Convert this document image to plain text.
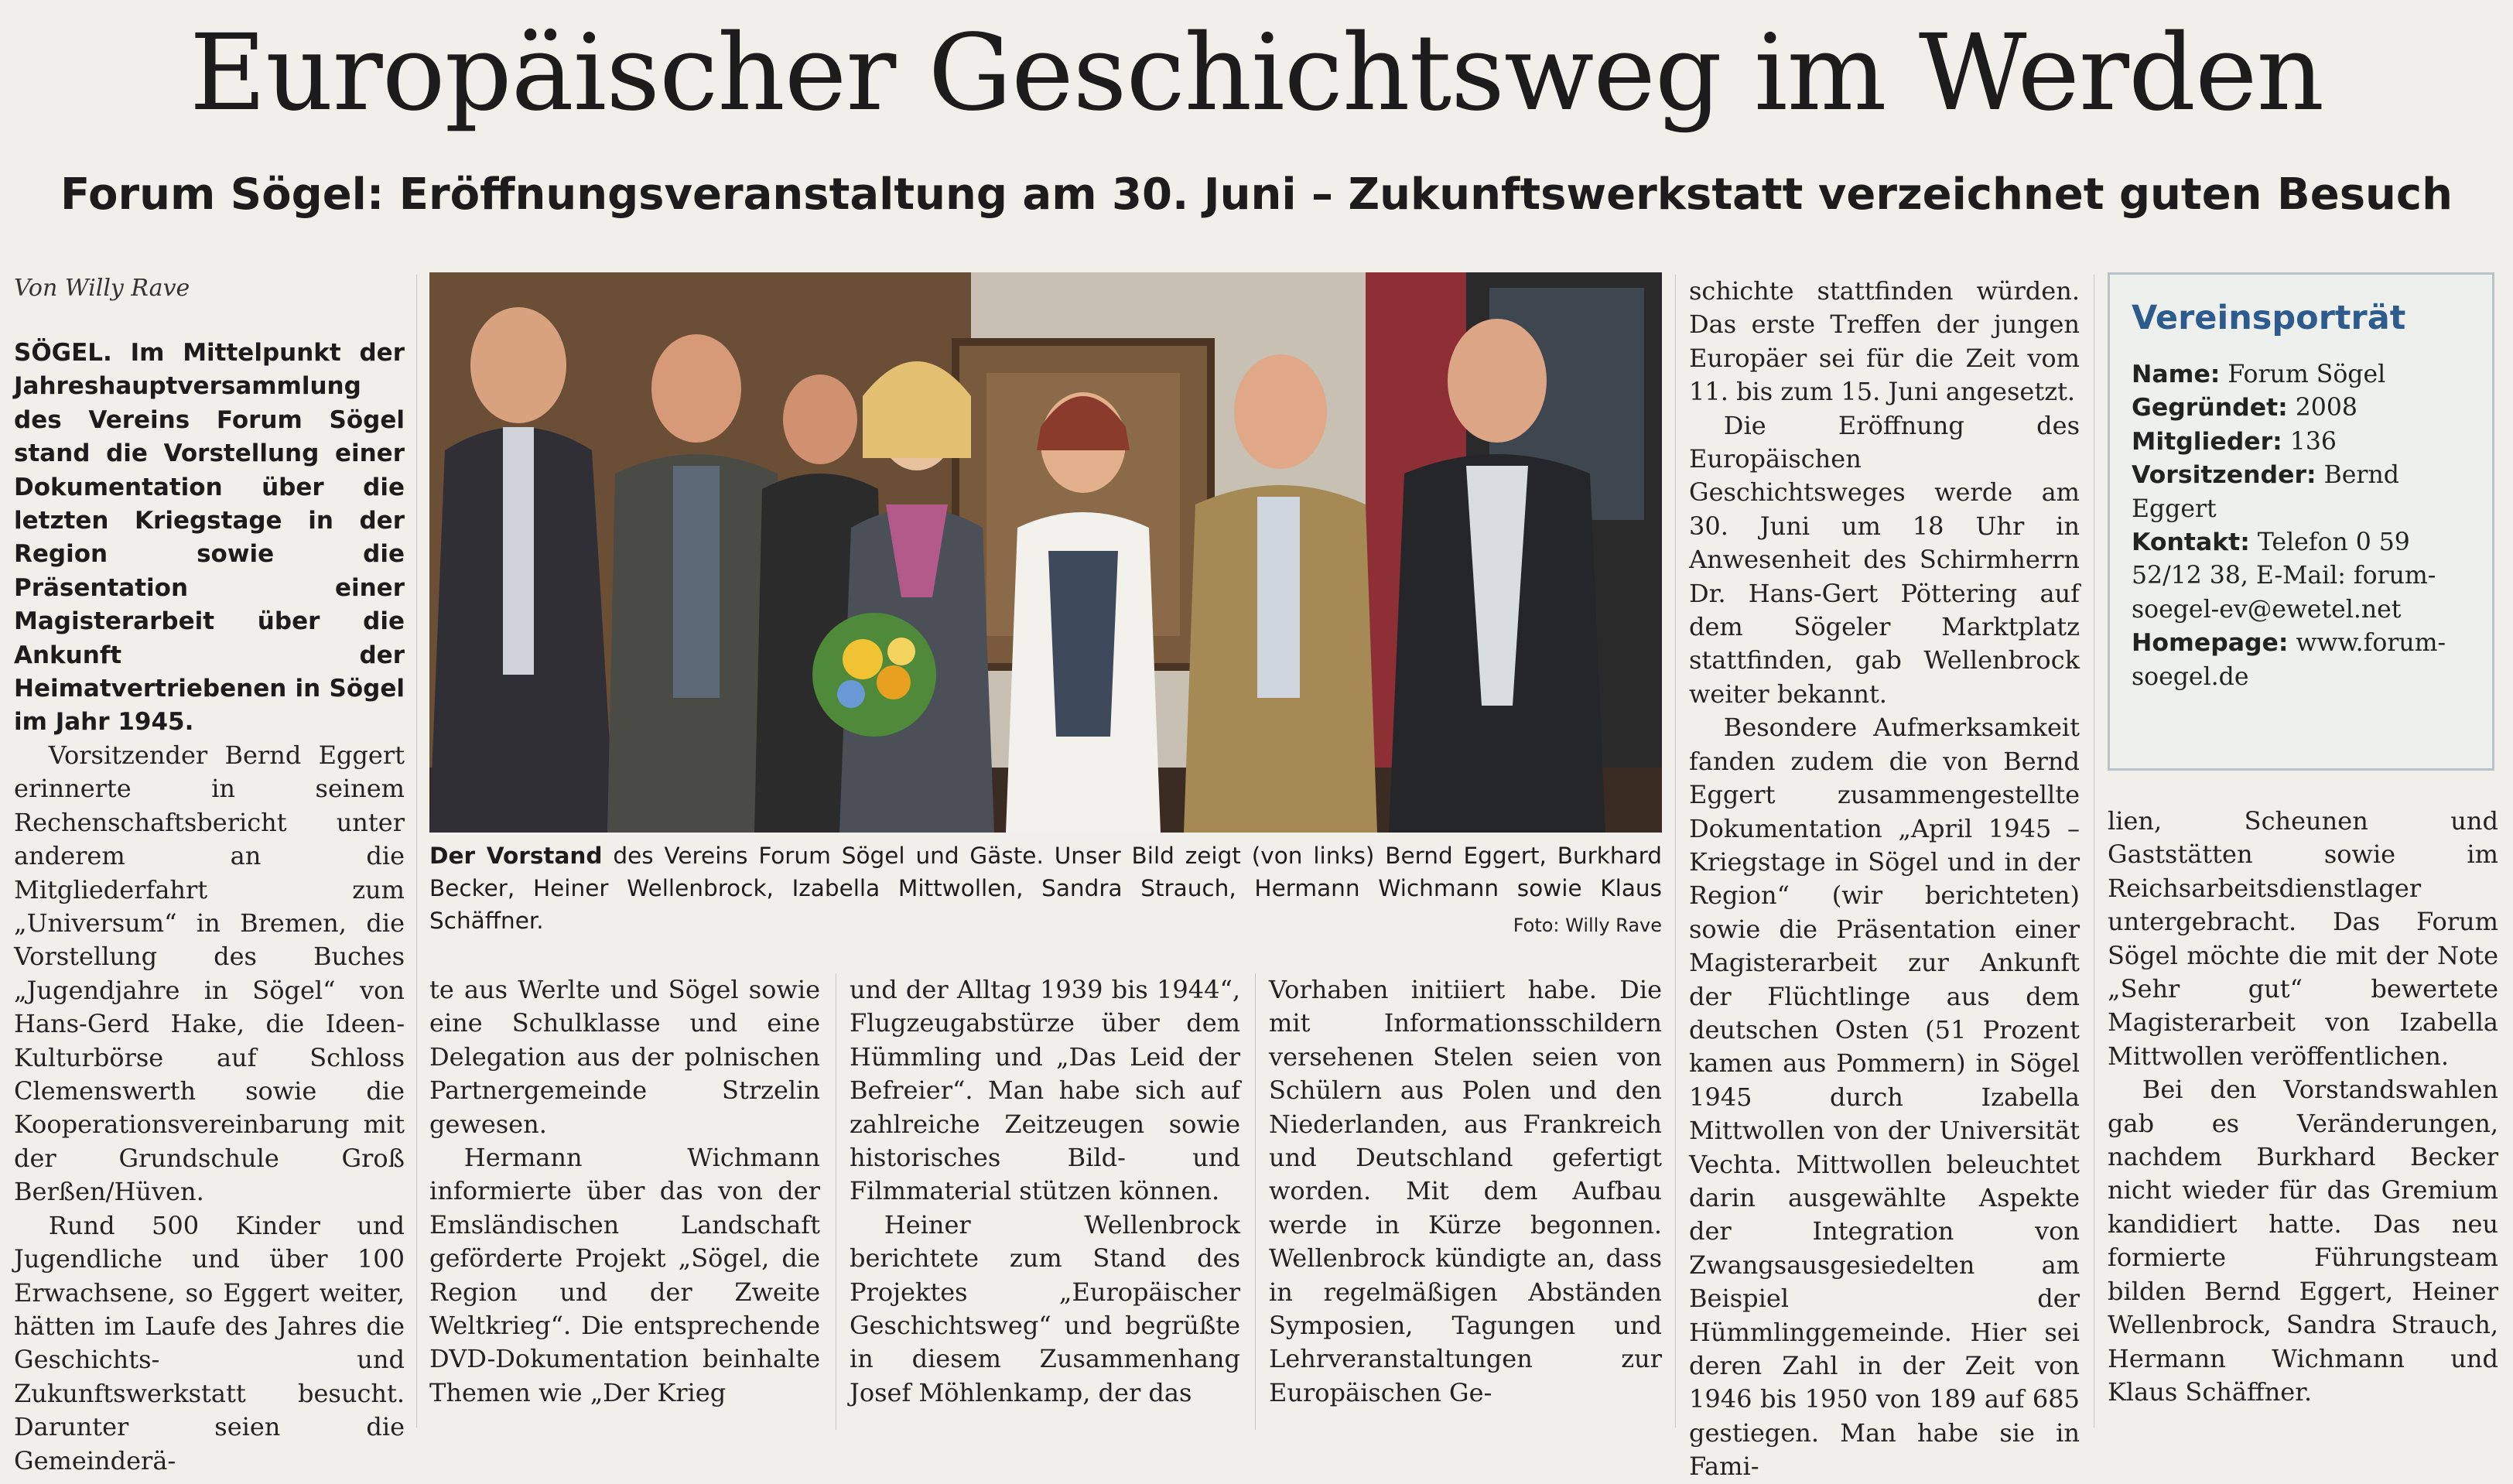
Europäischer Geschichtsweg im Werden
Forum Sögel: Eröffnungsveranstaltung am 30. Juni – Zukunftswerkstatt verzeichnet guten Besuch
Von Willy Rave
SÖGEL. Im Mittelpunkt der Jahreshauptversammlung des Vereins Forum Sögel stand die Vorstellung einer Dokumentation über die letzten Kriegstage in der Region sowie die Präsentation einer Magisterarbeit über die Ankunft der Heimatvertriebenen in Sögel im Jahr 1945.
Der Vorstand des Vereins Forum Sögel und Gäste. Unser Bild zeigt (von links) Bernd Eggert, Burkhard Becker, Heiner Wellenbrock, Izabella Mittwollen, Sandra Strauch, Hermann Wichmann sowie Klaus Schäffner.	Foto: Willy Rave

Vorsitzender Bernd Eggert erinnerte in seinem Rechenschaftsbericht unter anderem an die Mitgliederfahrt zum „Universum“ in Bremen, die Vorstellung des Buches „Jugendjahre in Sögel“ von Hans-Gerd Hake, die Ideen-Kulturbörse auf Schloss Clemenswerth sowie die Kooperationsvereinbarung mit der Grundschule Groß Berßen/Hüven.

Rund 500 Kinder und Jugendliche und über 100 Erwachsene, so Eggert weiter, hätten im Laufe des Jahres die Geschichts- und Zukunftswerkstatt besucht. Darunter seien die Gemeinderä-

te aus Werlte und Sögel sowie eine Schulklasse und eine Delegation aus der polnischen Partnergemeinde Strzelin gewesen.

Hermann Wichmann informierte über das von der Emsländischen Landschaft geförderte Projekt „Sögel, die Region und der Zweite Weltkrieg“. Die entsprechende DVD-Dokumentation beinhalte Themen wie „Der Krieg

und der Alltag 1939 bis 1944“, Flugzeugabstürze über dem Hümmling und „Das Leid der Befreier“. Man habe sich auf zahlreiche Zeitzeugen sowie historisches Bild- und Filmmaterial stützen können.

Heiner Wellenbrock berichtete zum Stand des Projektes „Europäischer Geschichtsweg“ und begrüßte in diesem Zusammenhang Josef Möhlenkamp, der das

Vorhaben initiiert habe. Die mit Informationsschildern versehenen Stelen seien von Schülern aus Polen und den Niederlanden, aus Frankreich und Deutschland gefertigt worden. Mit dem Aufbau werde in Kürze begonnen. Wellenbrock kündigte an, dass in regelmäßigen Abständen Symposien, Tagungen und Lehrveranstaltungen zur Europäischen Ge-

schichte stattfinden würden. Das erste Treffen der jungen Europäer sei für die Zeit vom 11. bis zum 15. Juni angesetzt.

Die Eröffnung des Europäischen Geschichtsweges werde am 30. Juni um 18 Uhr in Anwesenheit des Schirmherrn Dr. Hans-Gert Pöttering auf dem Sögeler Marktplatz stattfinden, gab Wellenbrock weiter bekannt.

Besondere Aufmerksamkeit fanden zudem die von Bernd Eggert zusammengestellte Dokumentation „April 1945 – Kriegstage in Sögel und in der Region“ (wir berichteten) sowie die Präsentation einer Magisterarbeit zur Ankunft der Flüchtlinge aus dem deutschen Osten (51 Prozent kamen aus Pommern) in Sögel 1945 durch Izabella Mittwollen von der Universität Vechta. Mittwollen beleuchtet darin ausgewählte Aspekte der Integration von Zwangsausgesiedelten am Beispiel der Hümmlinggemeinde. Hier sei deren Zahl in der Zeit von 1946 bis 1950 von 189 auf 685 gestiegen. Man habe sie in Fami-

Vereinsporträt
Name: Forum Sögel
Gegründet: 2008
Mitglieder: 136
Vorsitzender: Bernd Eggert
Kontakt: Telefon 0 59 52/12 38, E-Mail: forum-soegel-ev@ewetel.net
Homepage: www.forum-soegel.de

lien, Scheunen und Gaststätten sowie im Reichsarbeitsdienstlager untergebracht. Das Forum Sögel möchte die mit der Note „Sehr gut“ bewertete Magisterarbeit von Izabella Mittwollen veröffentlichen.

Bei den Vorstandswahlen gab es Veränderungen, nachdem Burkhard Becker nicht wieder für das Gremium kandidiert hatte. Das neu formierte Führungsteam bilden Bernd Eggert, Heiner Wellenbrock, Sandra Strauch, Hermann Wichmann und Klaus Schäffner.
